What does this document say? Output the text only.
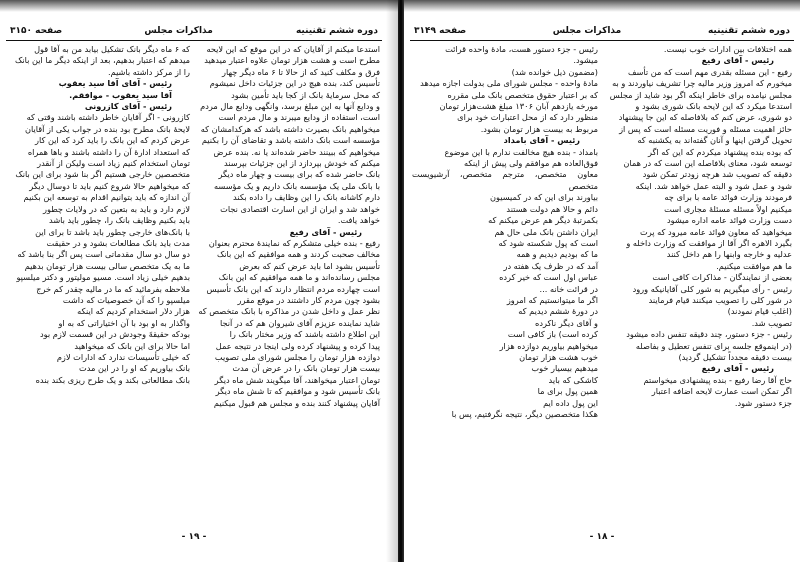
دوره ششم تقنینیه
مذاکرات مجلس
صفحه ۳۱۵۰

استدعا میکنم از آقایان که در این موقع که این لایحه

مطرح است و هشت هزار تومان علاوه اعتبار میدهید

فرق و مکلف کنید که از حالا تا ۶ ماه دیگر چهار

تأسیس کند، بنده هیچ در این جزئیات داخل نمیشوم

که محل سرمایهٔ بانک از کجا باید تأمین بشود

و ودایع آنها به این مبلغ برسد، وانگهی ودایع مال مردم

است، استفاده از ودایع میبرند و مال مردم است

میخواهیم بانک بصیرت داشته باشد که هرکدامشان که

مؤسسه است بانک داشته باشد و تقاضای آن را بکنیم

میخواهیم که ببینند حاضر شده‌اند یا نه. بنده عرض

میکنم که خودش بپردازد از این جزئیات بپرسند

بانک حاضر شده که برای بیست و چهار ماه دیگر

با بانک ملی یک مؤسسه بانک داریم و یک مؤسسه

دارم کاشانه بانک را این وظایف را داده بکند

خواهد شد و ایران از این اسارت اقتصادی نجات

خواهد یافت.

رئیس - آقای رفیع

رفیع - بنده خیلی متشکرم که نمایندهٔ محترم بعنوان

مخالف صحبت کردند و همه موافقیم که این بانک

تأسیس بشود اما باید عرض کنم که بعرض

مجلس رسانده‌اند و ما همه موافقیم که این بانک

است چهارده مردم انتظار دارند که این بانک تأسیس

بشود چون مردم کار داشتند در موقع مقرر

نظر عمل و داخل شدن در مذاکره با بانک متخصص که

شاید نماینده عزیزم آقای شیروان هم که در آنجا

این اطلاع داشته باشند که وزیر مختار بانک را

پیدا کرده و پیشنهاد کرده ولی اینجا در نتیجه عمل

دوازده هزار تومان را مجلس شورای ملی تصویب

بیست هزار تومان بانک را در عرض آن مدت

تومان اعتبار میخواهند، آقا میگویند شش ماه دیگر

بانک تأسیس شود و موافقیم که تا شش ماه دیگر

آقایان پیشنهاد کنند بنده و مجلس هم قبول میکنیم

که ۶ ماه دیگر بانک تشکیل بیابد من به آقا قول

میدهم که اعتبار بدهیم، بعد از اینکه دیگر ما این بانک

را از مرکز داشته باشیم.

رئیس - آقای آقا سید یعقوب

آقا سید یعقوب - موافقم.

رئیس - آقای کازرونی

کازرونی - اگر آقایان خاطر داشته باشند وقتی که

لایحهٔ بانک مطرح بود بنده در جواب یکی از آقایان

عرض کردم که این بانک را باید کرد که این کار

که استعداد ادارهٔ آن را داشته باشند و باها همراه

تومان استخدام کنیم زیاد است ولیکن از آنقدر

متخصصین خارجی هستیم اگر بنا شود برای این بانک

که میخواهیم حالا شروع کنیم باید تا دوسال دیگر

آن اندازه که باید بتوانیم اقدام به توسعه این بکنیم

لازم دارد و باید به بتعین که در ولایات چطور

باید بکنیم وظایف بانک را، چطور باید باشد

با بانک‌های خارجی چطور باید باشد تا برای این

مدت باید بانک مطالعات بشود و در حقیقت

دو سال دو سال مقدماتی است پس اگر بنا باشد که

ما به یک متخصص سالی بیست هزار تومان بدهیم

بدهیم خیلی زیاد است. مسیو مولیتور و دکتر میلسپو

ملاحظه بفرمائید که ما در مالیه چقدر کم خرج

میلسپو را که آن خصوصیات که داشت

هزار دلار استخدام کردیم که اینکه

واگذار به او بود با آن اختیاراتی که به او

بودکه حقیقهً وجودش در این قسمت لازم بود

اما حالا برای این بانک که میخواهید

که خیلی تأسیسات ندارد که ادارات لازم

بانک بیاوریم که او را در این مدت

بانک مطالعاتی بکند و یک طرح ریزی بکند بنده

- ۱۹ -
دوره ششم تقنینیه
مذاکرات مجلس
صفحه ۳۱۴۹

همه اختلافات بین ادارات خوب نیست.

رئیس - آقای رفیع

رفیع - این مسئله بقدری مهم است که من تأسف

میخورم که امروز وزیر مالیه چرا تشریف نیاوردند و به

مجلس نیامده برای خاطر اینکه اگر بود شاید از مجلس

استدعا میکرد که این لایحه بانک شوری بشود و

دو شوری، عرض کنم که بلافاصله که این جا پیشنهاد

حائز اهمیت مسئله و فوریت مسئله است که پس از

تحویل گرفتن اینها و آنان گفته‌اند به یکشنبه که

که بوده بنده پیشنهاد میکردم که این که اگر

توسعه شود، معنای بلافاصله این است که در همان

دقیقه که تصویب شد هرچه زودتر تمکن شود

شود و عمل شود و البته عمل خواهد شد. اینکه

فرمودند وزارت فوائد عامه با برای چه

میکنیم اولاً مسئله مسئلهٔ مجاری است

دست وزارت فوائد عامه اداره میشود

میخواهید که معاون فوائد عامه میرود که پرت

بگیرد الاهره اگر آقا از موافقت که وزارت داخله و

عدلیه و خارجه وابنها را هم داخل کنند

ما هم موافقت میکنیم.

بعضی از نمایندگان - مذاکرات کافی است

رئیس - رأی میگیریم به شور کلی آقایانیکه ورود

در شور کلی را تصویب میکنند قیام فرمایند

(اغلب قیام نمودند)

تصویب شد.

رئیس - جزء دستور، چند دقیقه تنفس داده میشود

(در اینموقع جلسه برای تنفس تعطیل و بفاصله

بیست دقیقه مجدداً تشکیل گردید)

رئیس - آقای رفیع

حاج آقا رضا رفیع - بنده پیشنهادی میخواستم

اگر تمکن است عمارت لایحه اضافه اعتبار

جزء دستور شود.

رئیس - جزء دستور هست، مادهٔ واحده قرائت

میشود.

(مضمون ذیل خوانده شد)

مادهٔ واحده - مجلس شورای ملی بدولت اجازه میدهد

که بر اعتبار حقوق متخصص بانک ملی مقرره

مورخه یازدهم آبان ۱۳۰۶ مبلغ هشت‌هزار تومان

منظور دارد که از محل اعتبارات خود برای

مربوط به بیست هزار تومان بشود.

رئیس - آقای بامداد

بامداد - بنده هیچ مخالفت ندارم با این موضوع

فوق‌العاده هم موافقم ولی پیش از اینکه

معاون متخصص، مترجم متخصص، آرشیویست متخصص

بیاورند برای این که در کمیسیون

دائم و حالا هم دولت هستند

بکمرتبهٔ دیگر هم عرض میکنم که

ایران داشتن بانک ملی حال هم

است که پول شکسته شود که

ما که بودیم دیدیم و همه

آمد که در ظرف یک هفته در

عباس اول است که خیر کرده

در قرائت خانه ...

اگر ما میتوانستیم که امروز

در دورهٔ ششم دیدیم که

و آقای دیگر ناکرده

کرده است) باز کافی است

میخواهیم بیاوریم دوازده هزار

خوب هشت هزار تومان

میدهیم بیسیار خوب

کاشکی که باید

همین پول برای ما

این پول داده ایم

هکذا متخصصین دیگر، نتیجه نگرفتیم، پس با

- ۱۸ -
